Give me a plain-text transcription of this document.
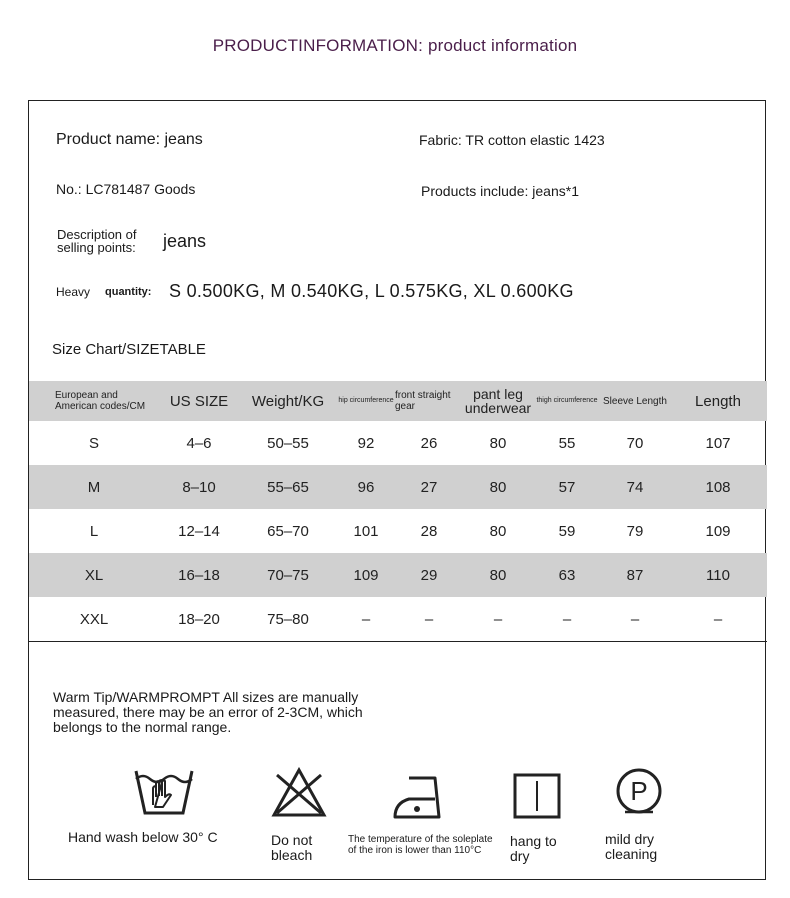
PRODUCTINFORMATION: product information
Product name: jeans	Fabric: TR cotton elastic 1423
No.: LC781487 Goods	Products include: jeans*1
Description of selling points:	jeans
Heavy quantity: S 0.500KG, M 0.540KG, L 0.575KG, XL 0.600KG
Size Chart/SIZETABLE
European and American codes/CM	US SIZE	Weight/KG	hip circumference	front straight gear	pant leg underwear	thigh circumference	Sleeve Length	Length
S	4–6	50–55	92	26	80	55	70	107
M	8–10	55–65	96	27	80	57	74	108
L	12–14	65–70	101	28	80	59	79	109
XL	16–18	70–75	109	29	80	63	87	110
XXL	18–20	75–80	–	–	–	–	–	–
Warm Tip/WARMPROMPT All sizes are manually measured, there may be an error of 2-3CM, which belongs to the normal range.
Hand wash below 30° C	Do not bleach
The temperature of the soleplate of the iron is lower than 110°C
hang to dry
P
mild dry cleaning
